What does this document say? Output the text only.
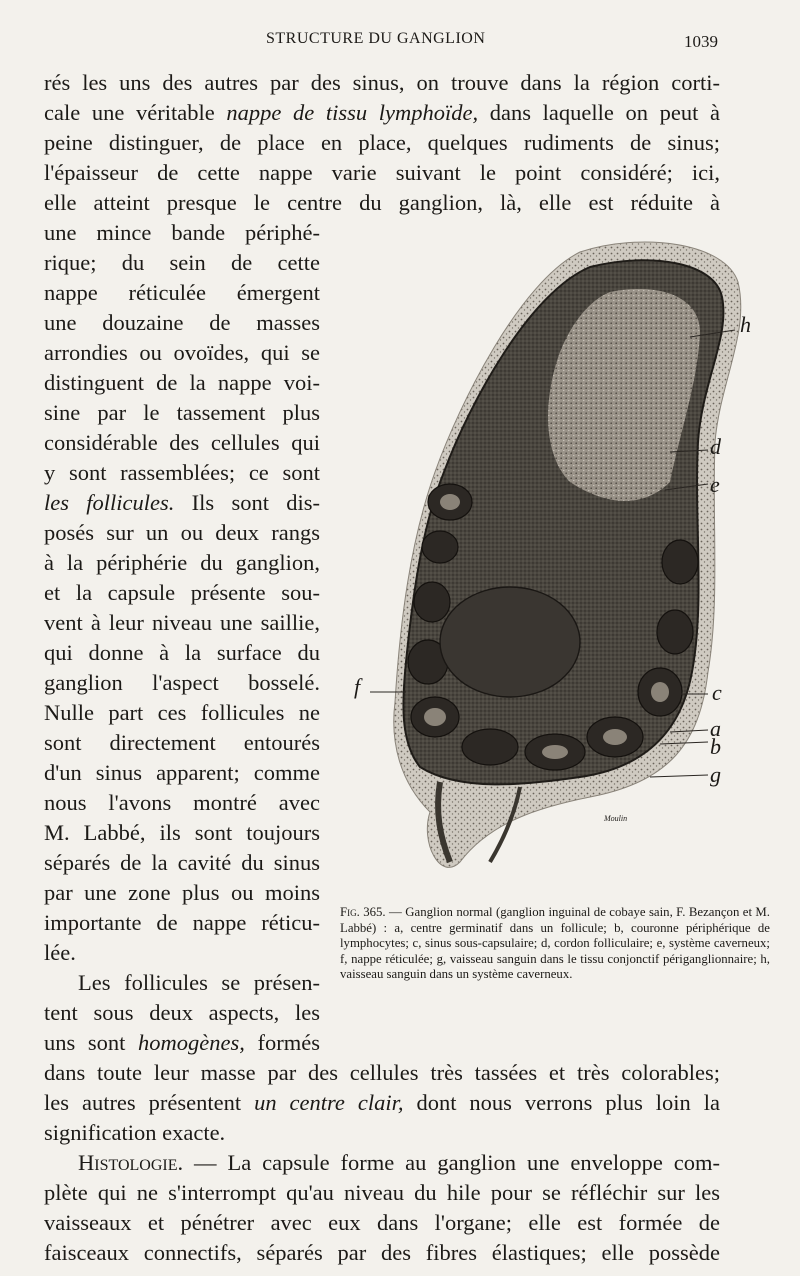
STRUCTURE DU GANGLION	1039
rés les uns des autres par des sinus, on trouve dans la région corti-
cale une véritable nappe de tissu lymphoïde, dans laquelle on peut à
peine distinguer, de place en place, quelques rudiments de sinus;
l'épaisseur de cette nappe varie suivant le point considéré; ici,
elle atteint presque le centre du ganglion, là, elle est réduite à
une mince bande périphé-
rique; du sein de cette
nappe réticulée émergent
une douzaine de masses
arrondies ou ovoïdes, qui se
distinguent de la nappe voi-
sine par le tassement plus
considérable des cellules qui
y sont rassemblées; ce sont
les follicules. Ils sont dis-
posés sur un ou deux rangs
à la périphérie du ganglion,
et la capsule présente sou-
vent à leur niveau une saillie,
qui donne à la surface du
ganglion l'aspect bosselé.
Nulle part ces follicules ne
sont directement entourés
d'un sinus apparent; comme
nous l'avons montré avec
M. Labbé, ils sont toujours
séparés de la cavité du sinus
par une zone plus ou moins
importante de nappe réticu-
lée.
Les follicules se présen-
tent sous deux aspects, les
uns sont homogènes, formés
dans toute leur masse par des cellules très tassées et très colorables;
les autres présentent un centre clair, dont nous verrons plus loin la
signification exacte.
Histologie. — La capsule forme au ganglion une enveloppe com-
plète qui ne s'interrompt qu'au niveau du hile pour se réfléchir sur les
vaisseaux et pénétrer avec eux dans l'organe; elle est formée de
faisceaux connectifs, séparés par des fibres élastiques; elle possède
h
d
e
f	c
a
b
g
Moulin
Fig. 365. — Ganglion normal (ganglion inguinal de cobaye sain, F. Bezançon et M. Labbé) : a, centre germinatif dans un follicule; b, couronne périphérique de lymphocytes; c, sinus sous-capsulaire; d, cordon folliculaire; e, système caverneux; f, nappe réticulée; g, vaisseau sanguin dans le tissu conjonctif périganglionnaire; h, vaisseau sanguin dans un système caverneux.
